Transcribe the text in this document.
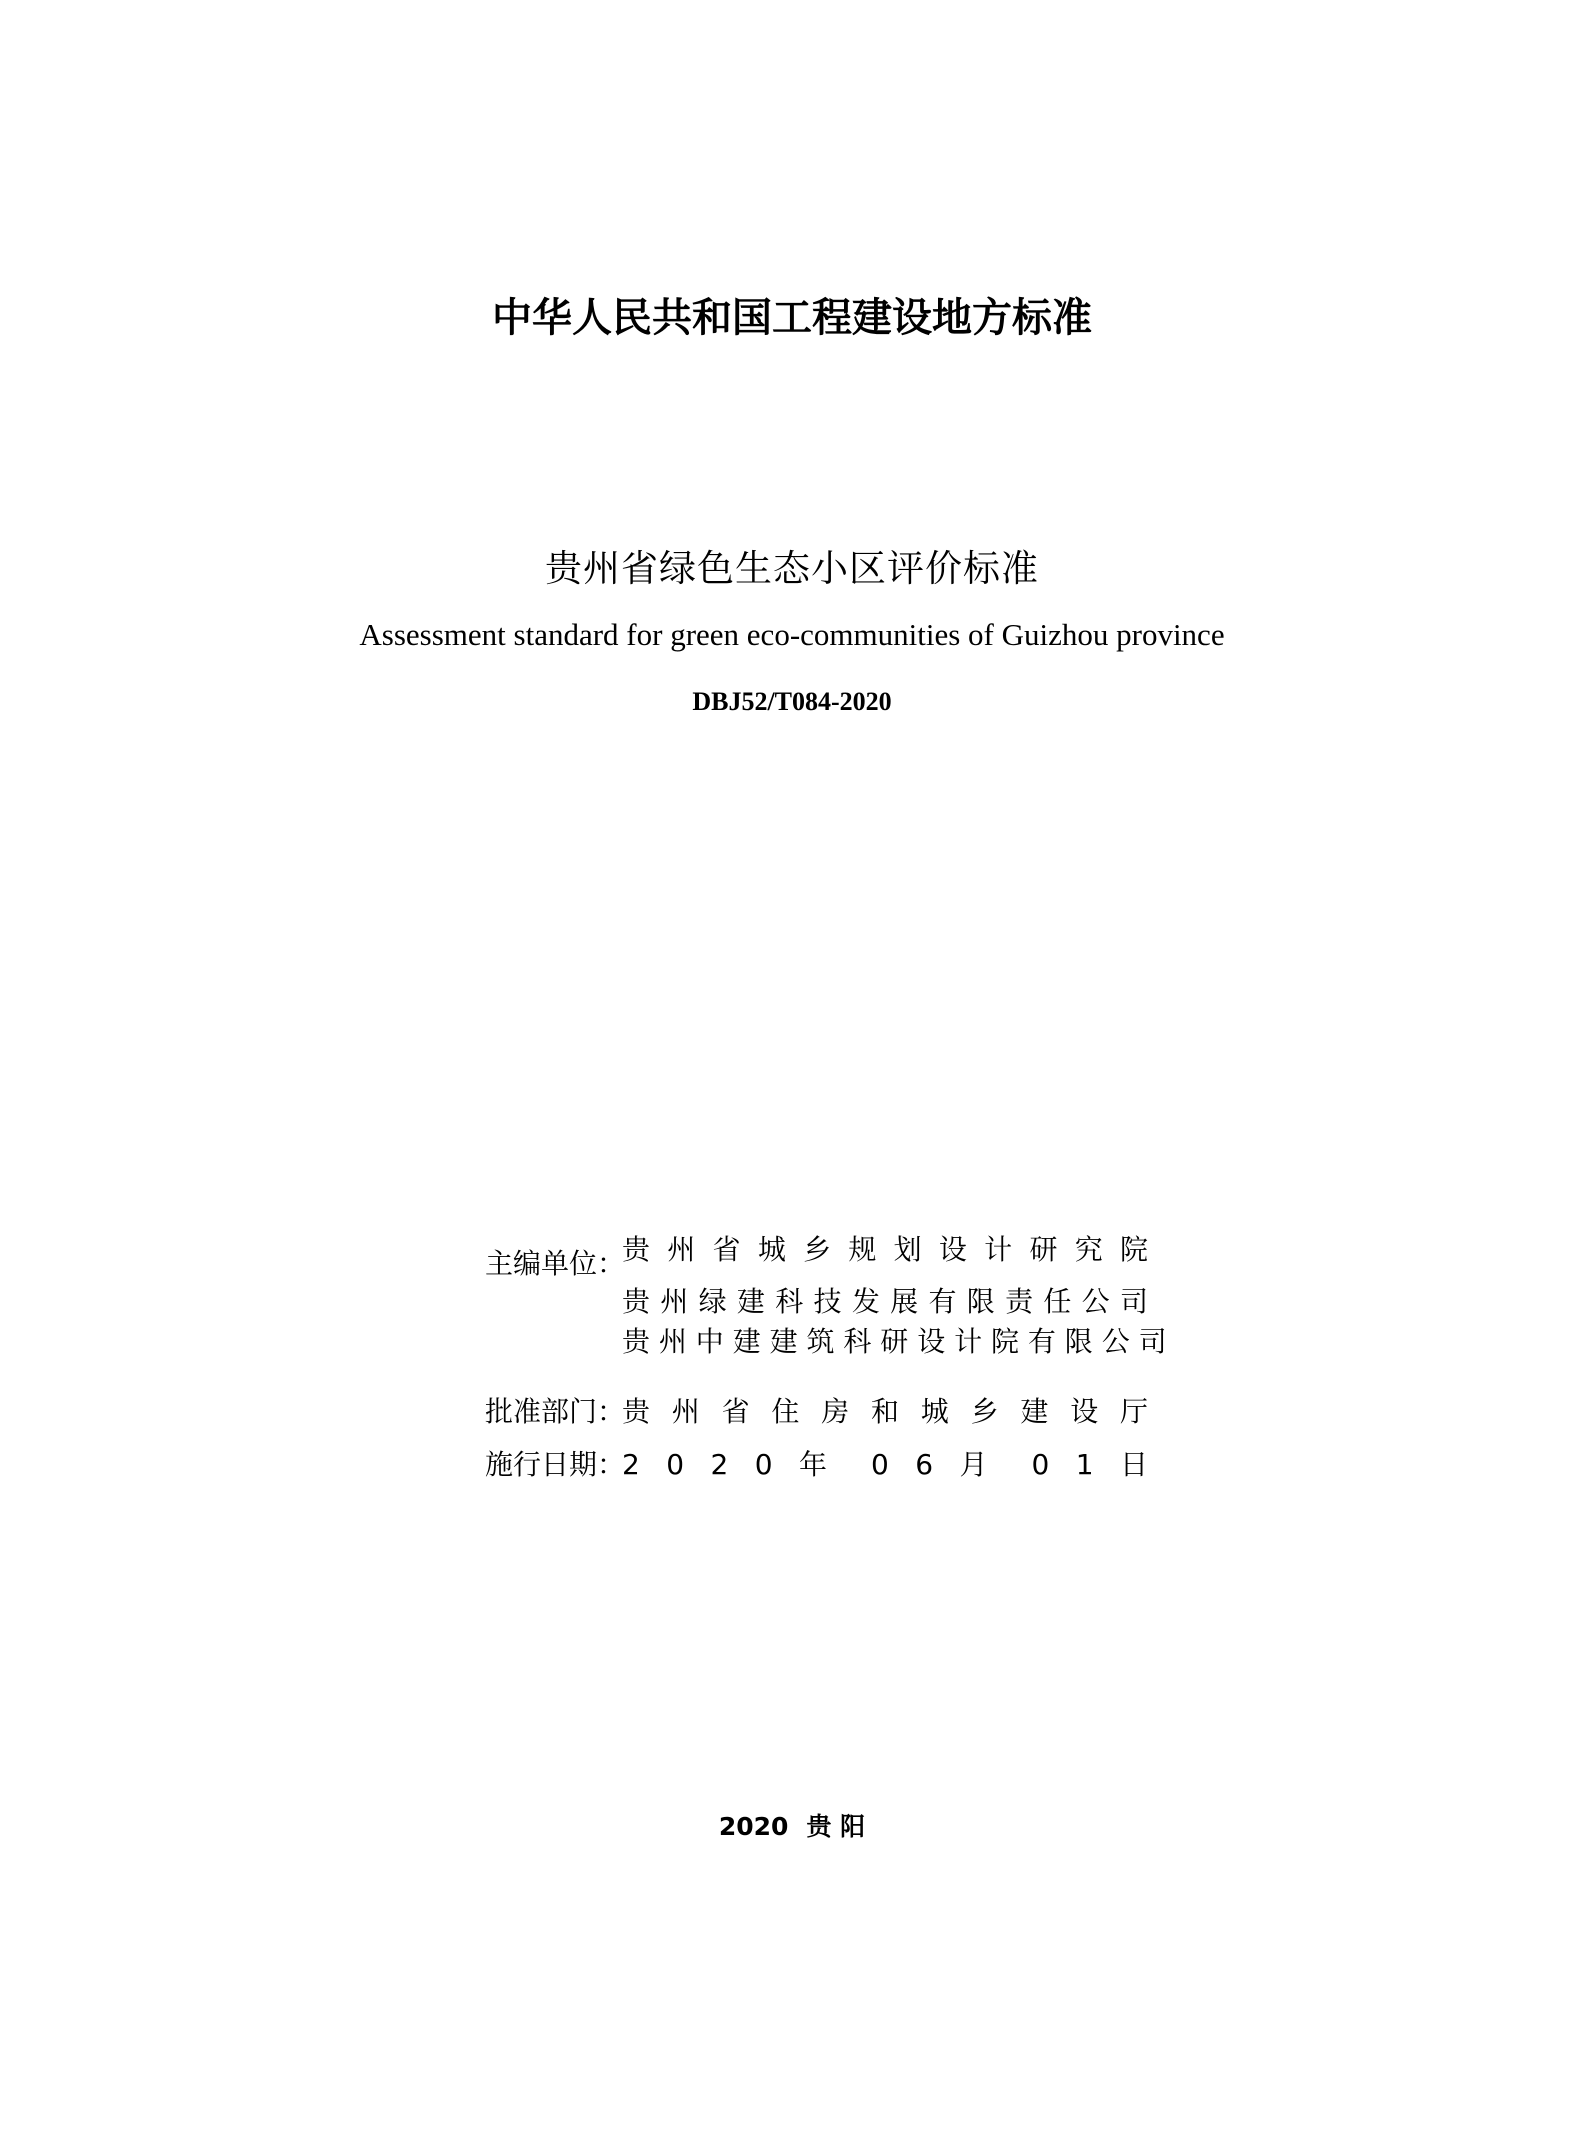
中华人民共和国工程建设地方标准
贵州省绿色生态小区评价标准
Assessment standard for green eco-communities of Guizhou province
DBJ52/T084-2020
主编单位：
贵 州 省 城 乡 规 划 设 计 研 究 院
贵 州 绿 建 科 技 发 展 有 限 责 任 公 司
贵 州 中 建 建 筑 科 研 设 计 院 有 限 公 司
批准部门：
贵 州 省 住 房 和 城 乡 建 设 厅
施行日期：
2 0 2 0 年 0 6 月 0 1 日
2020 贵 阳
